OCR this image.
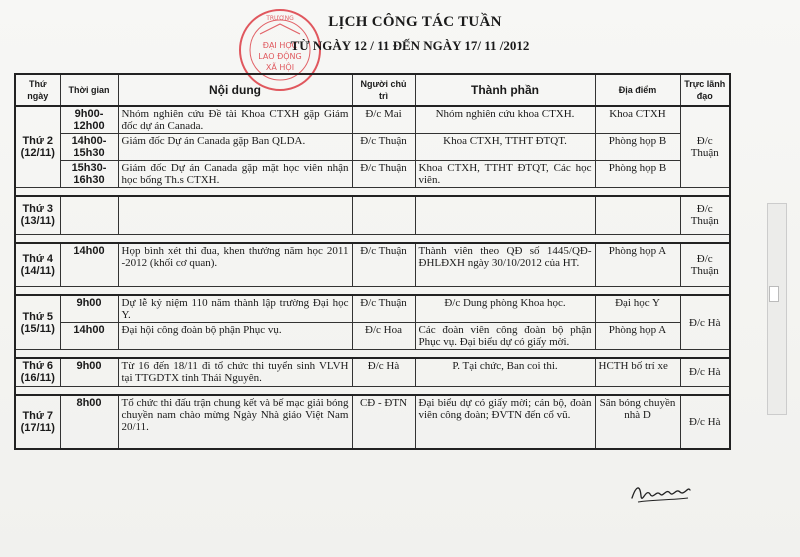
TRƯỜNG
ĐẠI HỌC
LAO ĐỘNG
XÃ HỘI
LỊCH CÔNG TÁC TUẦN
TỪ NGÀY 12 / 11 ĐẾN NGÀY 17/ 11 /2012
Thứ ngày	Thời gian	Nội dung	Người chủ trì	Thành phần	Địa điểm	Trực lãnh đạo
Thứ 2
(12/11)	9h00-12h00	Nhóm nghiên cứu Đề tài Khoa CTXH gặp Giám đốc dự án Canada.	Đ/c Mai	Nhóm nghiên cứu khoa CTXH.	Khoa CTXH	Đ/c Thuận
	14h00-15h30	Giám đốc Dự án Canada gặp Ban QLDA.	Đ/c Thuận	Khoa CTXH, TTHT ĐTQT.	Phòng họp B	
	15h30-16h30	Giám đốc Dự án Canada gặp mặt học viên nhận học bổng Th.s CTXH.	Đ/c Thuận	Khoa CTXH, TTHT ĐTQT, Các học viên.	Phòng họp B	

Thứ 3
(13/11)						Đ/c Thuận

Thứ 4
(14/11)	14h00	Họp bình xét thi đua, khen thưởng năm học 2011 -2012 (khối cơ quan).	Đ/c Thuận	Thành viên theo QĐ số 1445/QĐ-ĐHLĐXH ngày 30/10/2012 của HT.	Phòng họp A	Đ/c Thuận

Thứ 5
(15/11)	9h00	Dự lễ kỷ niệm 110 năm thành lập trường Đại học Y.	Đ/c Thuận	Đ/c Dung phòng Khoa học.	Đại học Y	Đ/c Hà
	14h00	Đại hội công đoàn bộ phận Phục vụ.	Đ/c Hoa	Các đoàn viên công đoàn bộ phận Phục vụ. Đại biểu dự có giấy mời.	Phòng họp A	

Thứ 6
(16/11)	9h00	Từ 16 đến 18/11 đi tổ chức thi tuyển sinh VLVH tại TTGDTX tỉnh Thái Nguyên.	Đ/c Hà	P. Tại chức, Ban coi thi.	HCTH bố trí xe	Đ/c Hà

Thứ 7
(17/11)	8h00	Tổ chức thi đấu trận chung kết và bế mạc giải bóng chuyền nam chào mừng Ngày Nhà giáo Việt Nam 20/11.	CĐ - ĐTN	Đại biểu dự có giấy mời; cán bộ, đoàn viên công đoàn; ĐVTN đến cổ vũ.	Sân bóng chuyền nhà D	Đ/c Hà
